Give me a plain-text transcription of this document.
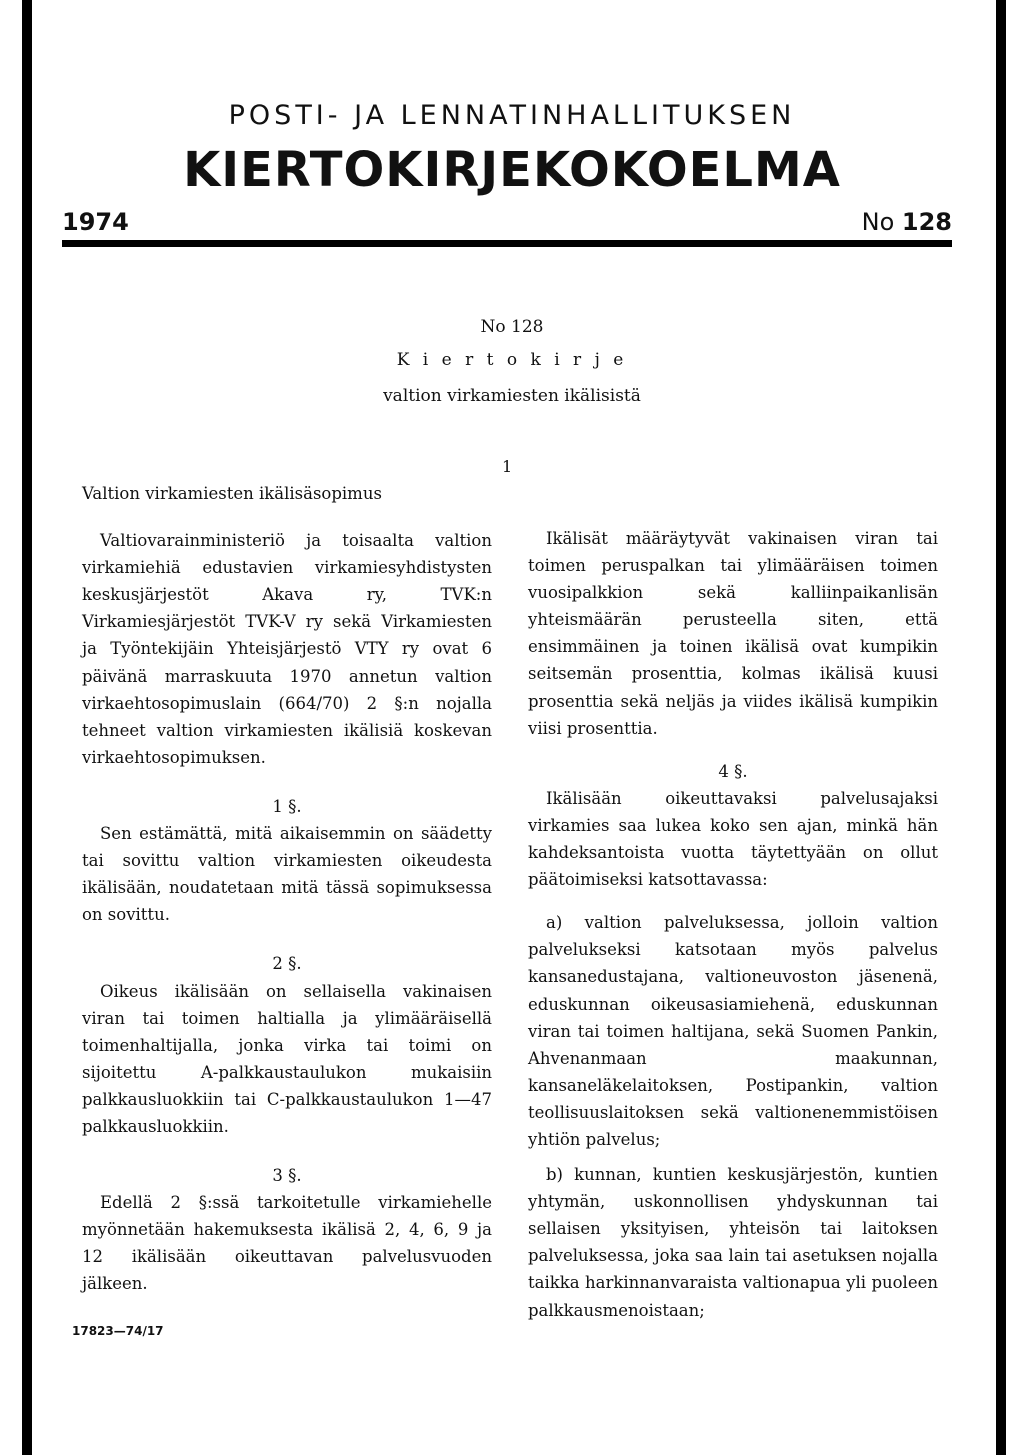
POSTI- JA LENNATINHALLITUKSEN
KIERTOKIRJEKOKOELMA
1974	No 128
No 128
K i e r t o k i r j e
valtion virkamiesten ikälisistä
1

Valtion virkamiesten ikälisäsopimus

Valtiovarainministeriö ja toisaalta valtion virkamiehiä edustavien virkamiesyhdistysten keskusjärjestöt Akava ry, TVK:n Virkamiesjärjestöt TVK-V ry sekä Virkamiesten ja Työntekijäin Yhteisjärjestö VTY ry ovat 6 päivänä marraskuuta 1970 annetun valtion virkaehtosopimuslain (664/70) 2 §:n nojalla tehneet valtion virkamiesten ikälisiä koskevan virkaehtosopimuksen.

1 §.

Sen estämättä, mitä aikaisemmin on säädetty tai sovittu valtion virkamiesten oikeudesta ikälisään, noudatetaan mitä tässä sopimuksessa on sovittu.

2 §.

Oikeus ikälisään on sellaisella vakinaisen viran tai toimen haltialla ja ylimääräisellä toimenhaltijalla, jonka virka tai toimi on sijoitettu A-palkkaustaulukon mukaisiin palkkausluokkiin tai C-palkkaustaulukon 1—47 palkkausluokkiin.

3 §.

Edellä 2 §:ssä tarkoitetulle virkamiehelle myönnetään hakemuksesta ikälisä 2, 4, 6, 9 ja 12 ikälisään oikeuttavan palvelusvuoden jälkeen.

Ikälisät määräytyvät vakinaisen viran tai toimen peruspalkan tai ylimääräisen toimen vuosipalkkion sekä kalliinpaikanlisän yhteismäärän perusteella siten, että ensimmäinen ja toinen ikälisä ovat kumpikin seitsemän prosenttia, kolmas ikälisä kuusi prosenttia sekä neljäs ja viides ikälisä kumpikin viisi prosenttia.

4 §.

Ikälisään oikeuttavaksi palvelusajaksi virkamies saa lukea koko sen ajan, minkä hän kahdeksantoista vuotta täytettyään on ollut päätoimiseksi katsottavassa:

a) valtion palveluksessa, jolloin valtion palvelukseksi katsotaan myös palvelus kansanedustajana, valtioneuvoston jäsenenä, eduskunnan oikeusasiamiehenä, eduskunnan viran tai toimen haltijana, sekä Suomen Pankin, Ahvenanmaan maakunnan, kansaneläkelaitoksen, Postipankin, valtion teollisuuslaitoksen sekä valtionenemmistöisen yhtiön palvelus;

b) kunnan, kuntien keskusjärjestön, kuntien yhtymän, uskonnollisen yhdyskunnan tai sellaisen yksityisen, yhteisön tai laitoksen palveluksessa, joka saa lain tai asetuksen nojalla taikka harkinnanvaraista valtionapua yli puoleen palkkausmenoistaan;

17823—74/17
